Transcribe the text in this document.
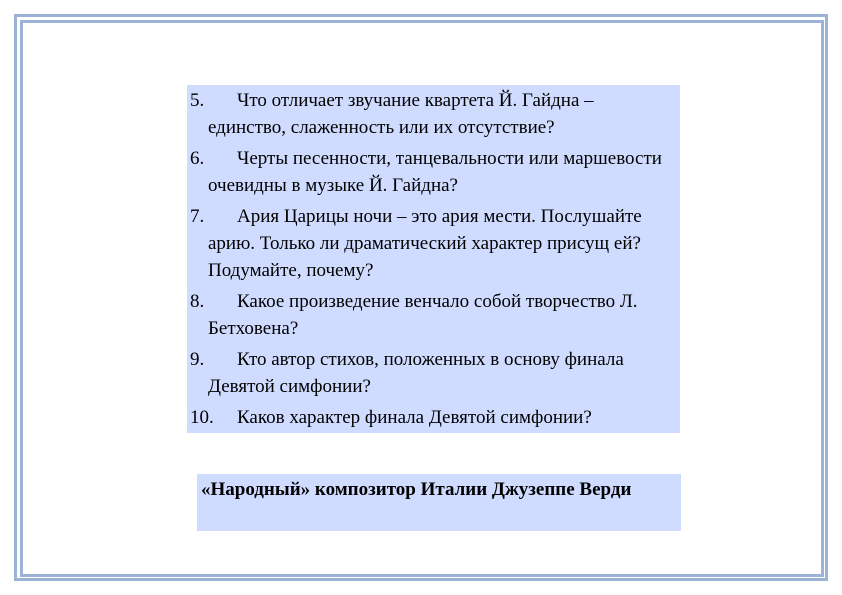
5. Что отличает звучание квартета Й. Гайдна – единство, слаженность или их отсутствие?
6. Черты песенности, танцевальности или маршевости очевидны в музыке Й. Гайдна?
7. Ария Царицы ночи – это ария мести. Послушайте арию. Только ли драматический характер присущ ей? Подумайте, почему?
8. Какое произведение венчало собой творчество Л. Бетховена?
9. Кто автор стихов, положенных в основу финала Девятой симфонии?
10. Каков характер финала Девятой симфонии?
«Народный» композитор Италии Джузеппе Верди
